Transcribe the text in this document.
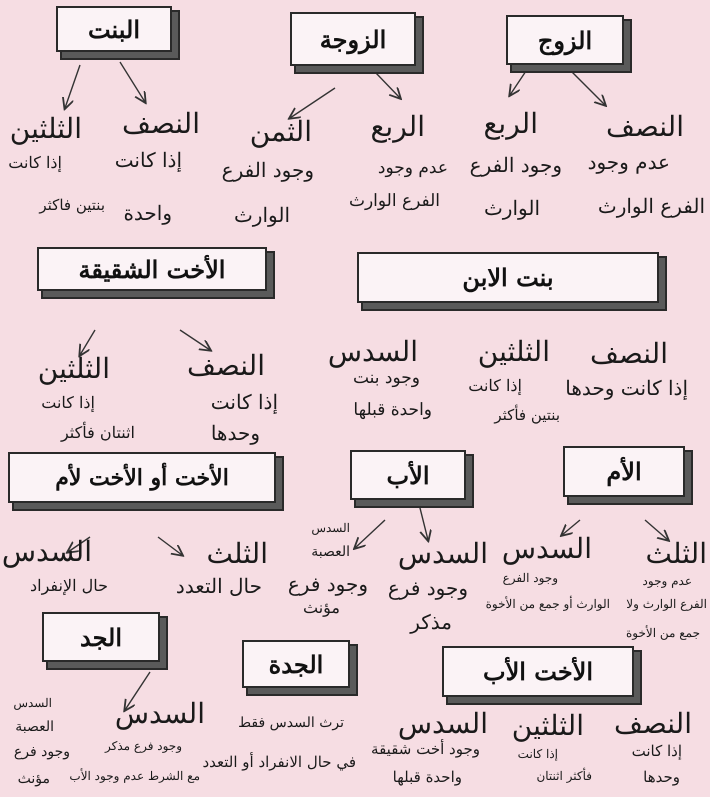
الزوج
الزوجة
البنت
الأخت الشقيقة	بنت الابن
الأخت أو الأخت لأم	الأب	الأم
الجد
الجدة	الأخت الأب
النصف
عدم وجود
الفرع الوارث
الربع
وجود الفرع
الوارث
الربع
عدم وجود
الفرع الوارث
الثمن
وجود الفرع
الوارث
النصف
إذا كانت
واحدة
الثلثين
إذا كانت
بنتين فاكثر
النصف
إذا كانت وحدها
الثلثين
إذا كانت
بنتين فأكثر
السدس
وجود بنت
واحدة قبلها
النصف
إذا كانت
وحدها
الثلثين
إذا كانت
اثنتان فأكثر
الثلث
عدم وجود
الفرع الوارث ولا
جمع من الأخوة
السدس
وجود الفرع
الوارث أو جمع من الأخوة
السدس
وجود فرع
مذكر
السدس
العصبة
وجود فرع
مؤنث
الثلث
حال التعدد
السدس
حال الإنفراد
النصف
إذا كانت
وحدها
الثلثين
إذا كانت
فأكثر اثنتان
السدس
وجود أخت شقيقة
واحدة قبلها
ترث السدس فقط
في حال الانفراد أو التعدد
السدس
وجود فرع مذكر
مع الشرط عدم وجود الأب
السدس
العصبة
وجود فرع
مؤنث
